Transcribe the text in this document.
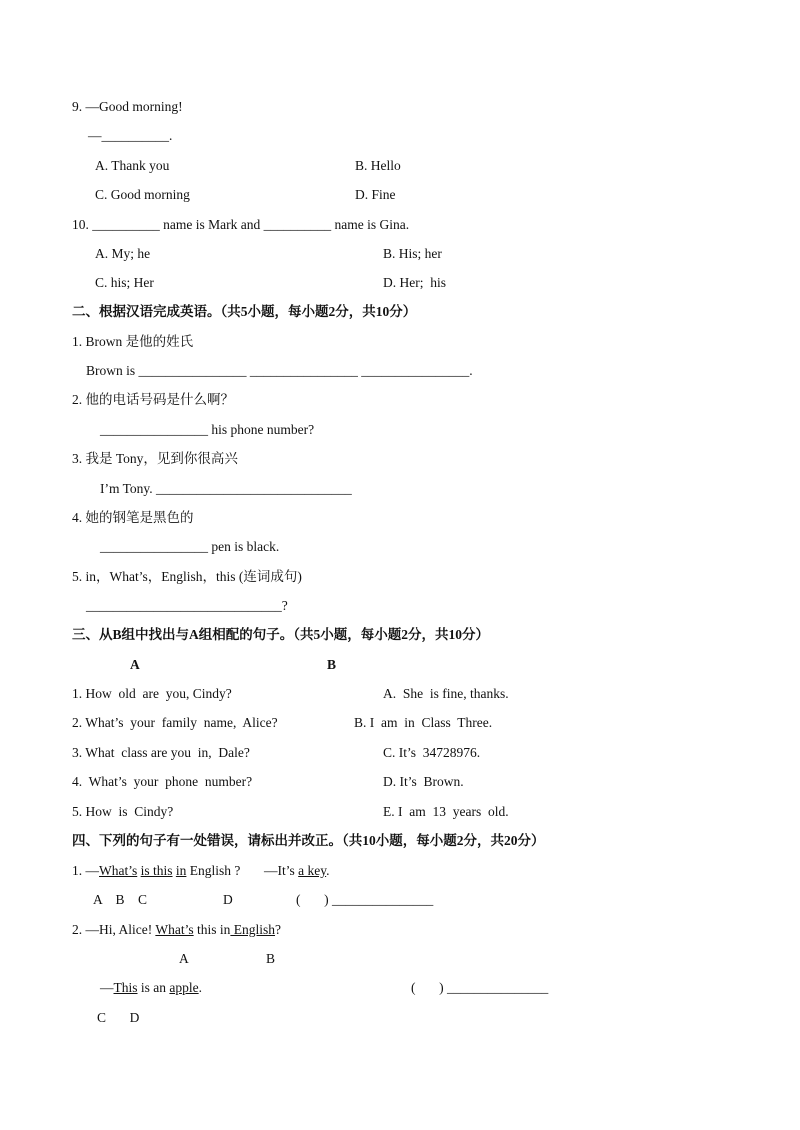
9. —Good morning!
—__________.
A. Thank you	B. Hello
C. Good morning	D. Fine
10. __________ name is Mark and __________ name is Gina.
A. My; he	B. His; her
C. his; Her	D. Her;  his
二、根据汉语完成英语。（共5小题，每小题2分，共10分）
1. Brown 是他的姓氏
Brown is ________________ ________________ ________________.
2. 他的电话号码是什么啊？
________________ his phone number?
3. 我是 Tony，见到你很高兴
I’m Tony. _____________________________
4. 她的钢笔是黑色的
________________ pen is black.
5. in，What’s，English，this (连词成句)
_____________________________?
三、从B组中找出与A组相配的句子。（共5小题，每小题2分，共10分）
A	B
1. How  old  are  you, Cindy?	A.  She  is fine, thanks.
2. What’s  your  family  name,  Alice?	B. I  am  in  Class  Three.
3. What  class are you  in,  Dale?	C. It’s  34728976.
4.  What’s  your  phone  number?	D. It’s  Brown.
5. How  is  Cindy?	E. I  am  13  years  old.
四、下列的句子有一处错误，请标出并改正。（共10小题，每小题2分，共20分）
1. —What’s is this in English ? —It’s a key.
A    B    C	D	(       ) _______________
2. —Hi, Alice! What’s this in English?
A	B
—This is an apple.	(       ) _______________
C       D
